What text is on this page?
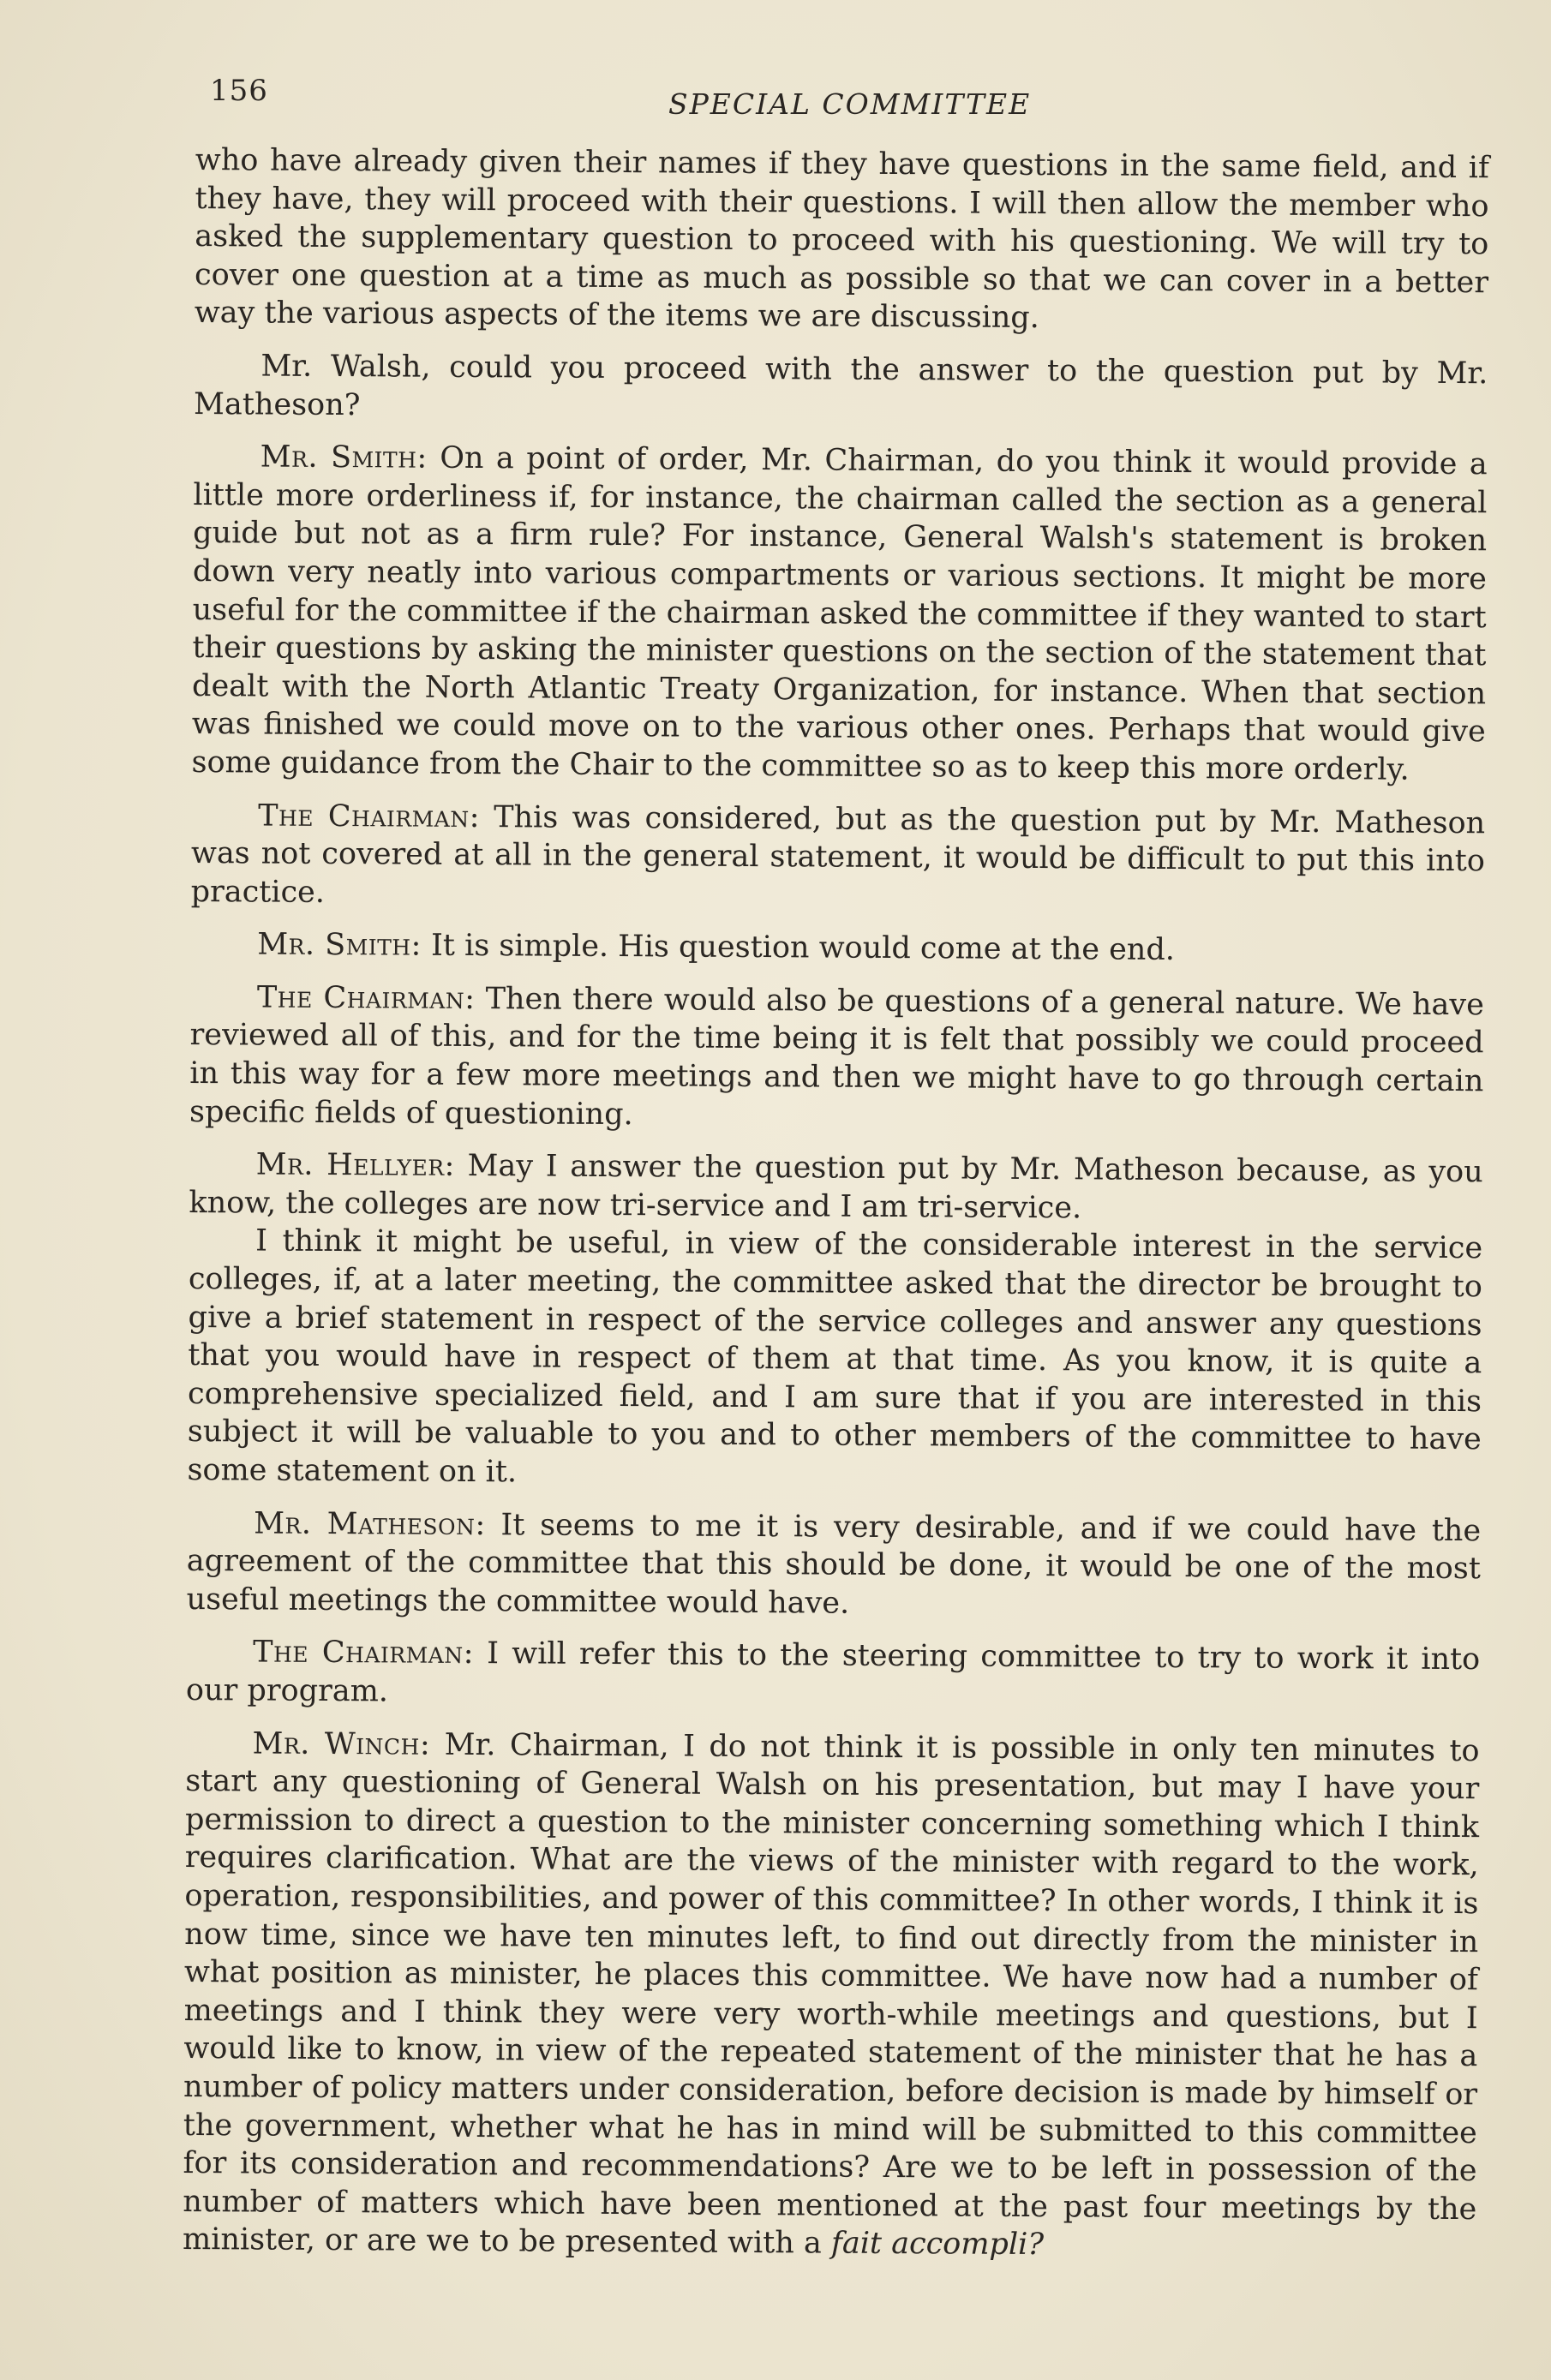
156	SPECIAL COMMITTEE

who have already given their names if they have questions in the same field, and if they have, they will proceed with their questions. I will then allow the member who asked the supplementary question to proceed with his questioning. We will try to cover one question at a time as much as possible so that we can cover in a better way the various aspects of the items we are discussing.

Mr. Walsh, could you proceed with the answer to the question put by Mr. Matheson?

Mr. Smith: On a point of order, Mr. Chairman, do you think it would provide a little more orderliness if, for instance, the chairman called the section as a general guide but not as a firm rule? For instance, General Walsh's statement is broken down very neatly into various compartments or various sections. It might be more useful for the committee if the chairman asked the committee if they wanted to start their questions by asking the minister questions on the section of the statement that dealt with the North Atlantic Treaty Organization, for instance. When that section was finished we could move on to the various other ones. Perhaps that would give some guidance from the Chair to the committee so as to keep this more orderly.

The Chairman: This was considered, but as the question put by Mr. Matheson was not covered at all in the general statement, it would be difficult to put this into practice.

Mr. Smith: It is simple. His question would come at the end.

The Chairman: Then there would also be questions of a general nature. We have reviewed all of this, and for the time being it is felt that possibly we could proceed in this way for a few more meetings and then we might have to go through certain specific fields of questioning.

Mr. Hellyer: May I answer the question put by Mr. Matheson because, as you know, the colleges are now tri-service and I am tri-service.

I think it might be useful, in view of the considerable interest in the service colleges, if, at a later meeting, the committee asked that the director be brought to give a brief statement in respect of the service colleges and answer any questions that you would have in respect of them at that time. As you know, it is quite a comprehensive specialized field, and I am sure that if you are interested in this subject it will be valuable to you and to other members of the committee to have some statement on it.

Mr. Matheson: It seems to me it is very desirable, and if we could have the agreement of the committee that this should be done, it would be one of the most useful meetings the committee would have.

The Chairman: I will refer this to the steering committee to try to work it into our program.

Mr. Winch: Mr. Chairman, I do not think it is possible in only ten minutes to start any questioning of General Walsh on his presentation, but may I have your permission to direct a question to the minister concerning something which I think requires clarification. What are the views of the minister with regard to the work, operation, responsibilities, and power of this committee? In other words, I think it is now time, since we have ten minutes left, to find out directly from the minister in what position as minister, he places this committee. We have now had a number of meetings and I think they were very worth-while meetings and questions, but I would like to know, in view of the repeated statement of the minister that he has a number of policy matters under consideration, before decision is made by himself or the government, whether what he has in mind will be submitted to this committee for its consideration and recommendations? Are we to be left in possession of the number of matters which have been mentioned at the past four meetings by the minister, or are we to be presented with a fait accompli?
